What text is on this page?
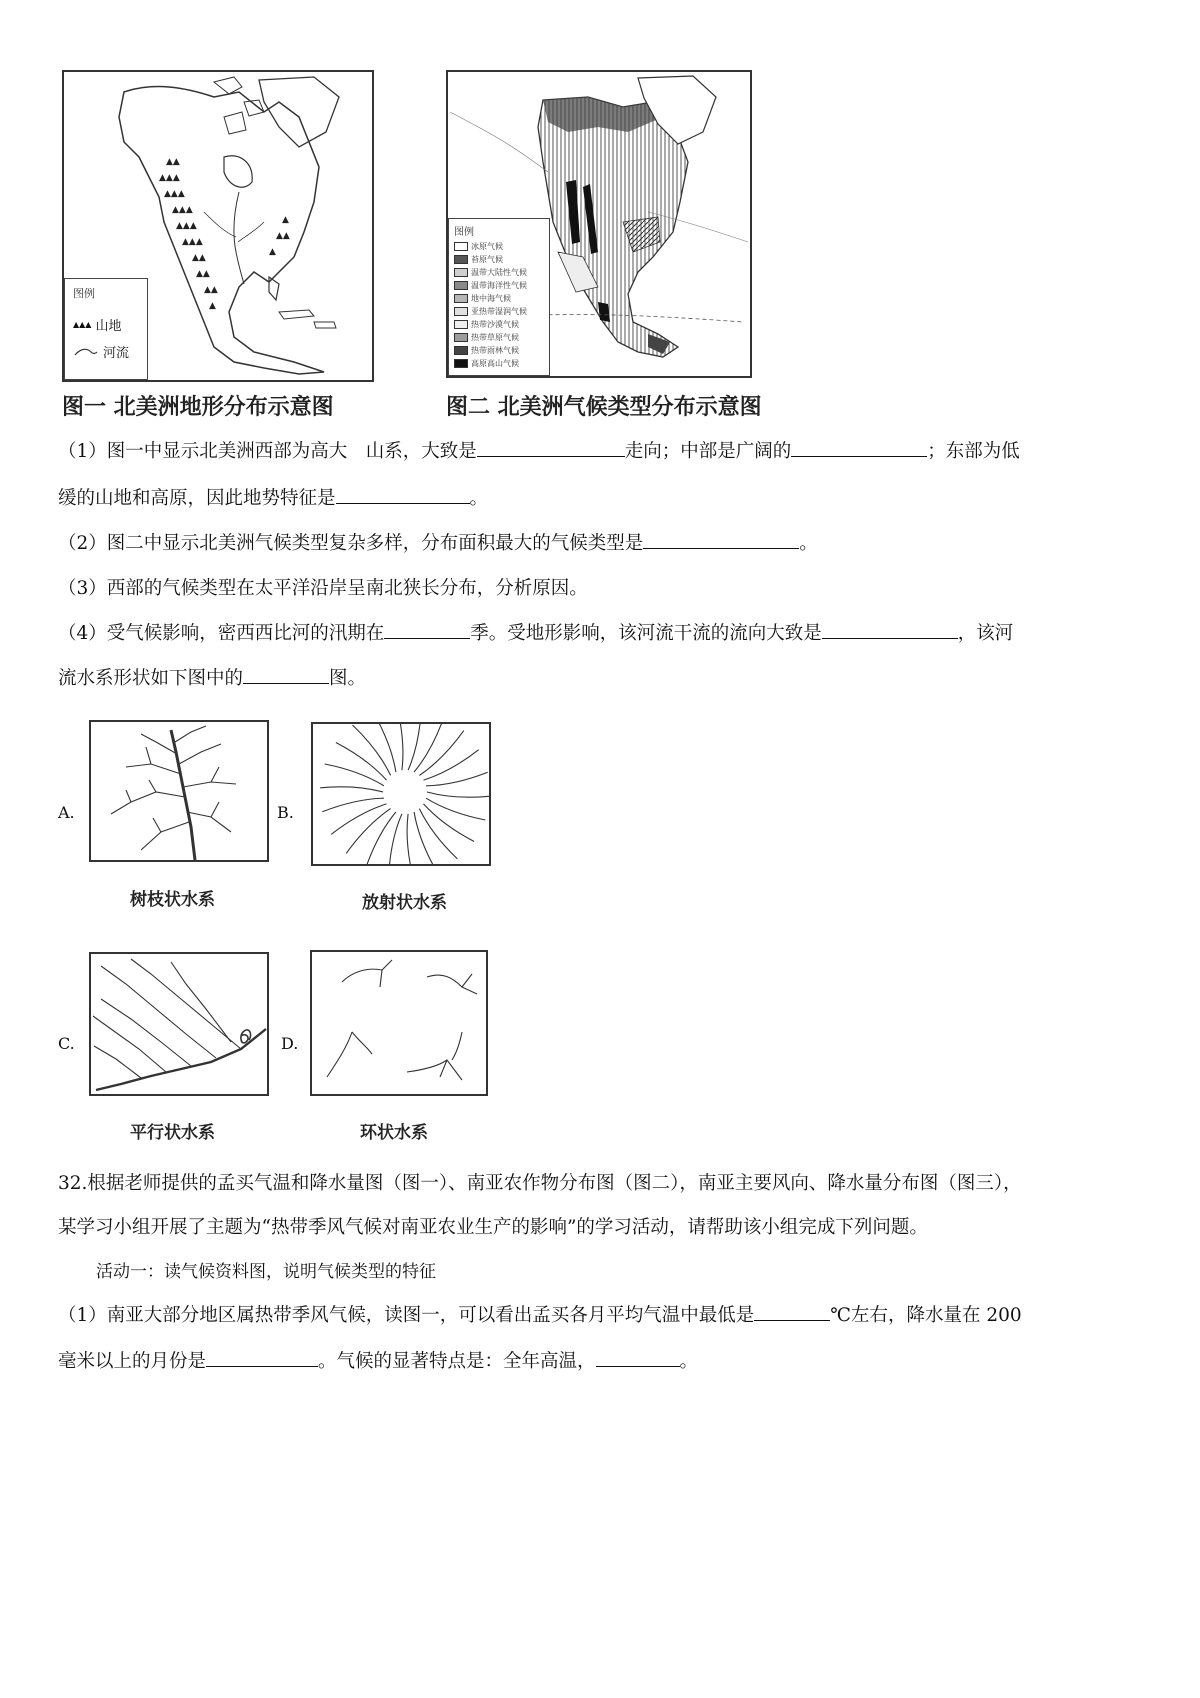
▲▲
▲▲▲
▲▲▲
▲▲▲
▲▲▲
▲▲▲
▲▲
▲▲
▲▲
▲
▲
▲▲
▲
图例
▲▲▲ 山地
河流
图一 北美洲地形分布示意图
图例
冰原气候
苔原气候
温带大陆性气候
温带海洋性气候
地中海气候
亚热带湿润气候
热带沙漠气候
热带草原气候
热带雨林气候
高原高山气候
图二 北美洲气候类型分布示意图
（1）图一中显示北美洲西部为高大　山系，大致是	走向；中部是广阔的	；东部为低
缓的山地和高原，因此地势特征是	。
（2）图二中显示北美洲气候类型复杂多样，分布面积最大的气候类型是	。
（3）西部的气候类型在太平洋沿岸呈南北狭长分布，分析原因。
（4）受气候影响，密西西比河的汛期在	季。受地形影响，该河流干流的流向大致是	，该河
流水系形状如下图中的	图。
A.
树枝状水系
B.
放射状水系
C.
平行状水系
D.
环状水系
32.根据老师提供的孟买气温和降水量图（图一）、南亚农作物分布图（图二），南亚主要风向、降水量分布图（图三），
某学习小组开展了主题为“热带季风气候对南亚农业生产的影响”的学习活动，请帮助该小组完成下列问题。
活动一：读气候资料图，说明气候类型的特征
（1）南亚大部分地区属热带季风气候，读图一，可以看出孟买各月平均气温中最低是	℃左右，降水量在 200
毫米以上的月份是	。气候的显著特点是：全年高温，	。
